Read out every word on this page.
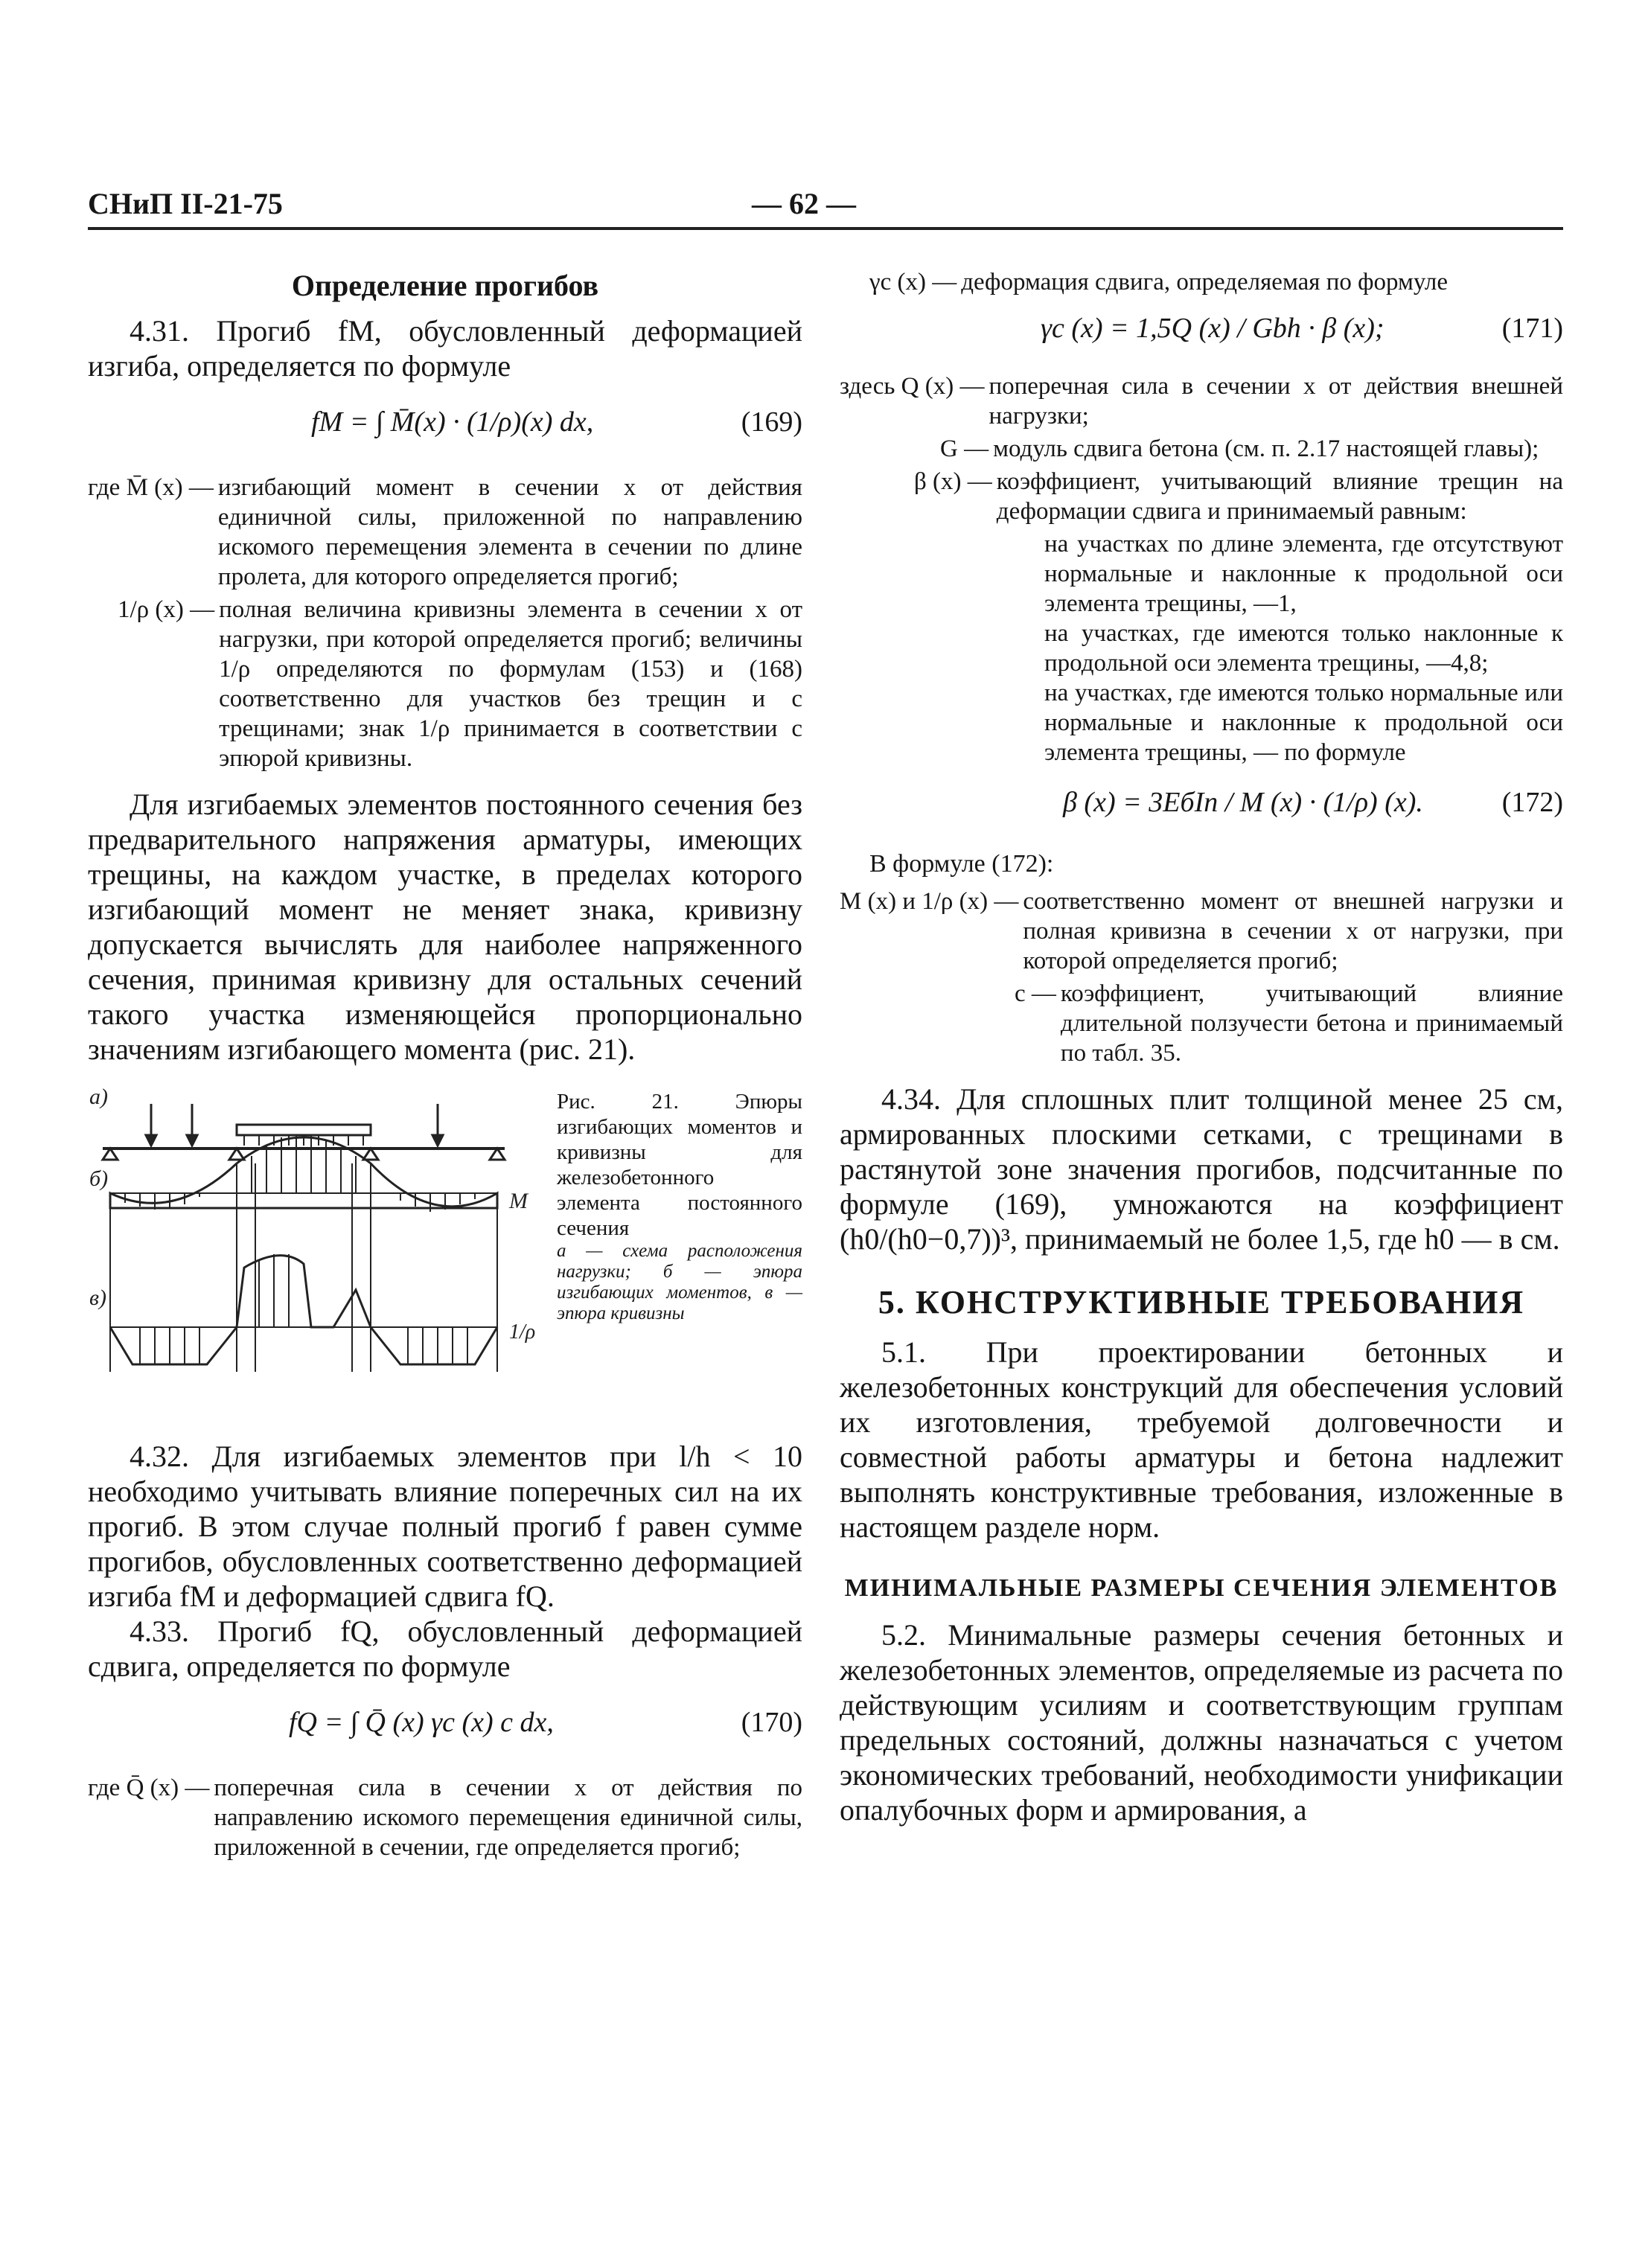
СНиП II-21-75	— 62 —
Определение прогибов

4.31. Прогиб fM, обусловленный деформацией изгиба, определяется по формуле

fM = ∫ M̄(x) · (1/ρ)(x) dx,	(169)
где M̄ (x) — изгибающий момент в сечении x от действия единичной силы, приложенной по направлению искомого перемещения элемента в сечении по длине пролета, для которого определяется прогиб;
1/ρ (x) — полная величина кривизны элемента в сечении x от нагрузки, при которой определяется прогиб; величины 1/ρ определяются по формулам (153) и (168) соответственно для участков без трещин и с трещинами; знак 1/ρ принимается в соответствии с эпюрой кривизны.

Для изгибаемых элементов постоянного сечения без предварительного напряжения арматуры, имеющих трещины, на каждом участке, в пределах которого изгибающий момент не меняет знака, кривизну допускается вычислять для наиболее напряженного сечения, принимая кривизну для остальных сечений такого участка изменяющейся пропорционально значениям изгибающего момента (рис. 21).

а)
б)
в)
M
1/ρ
Рис. 21. Эпюры изгибающих моментов и кривизны для железобетонного элемента постоянного сечения
а — схема расположения нагрузки; б — эпюра изгибающих моментов, в — эпюра кривизны

4.32. Для изгибаемых элементов при l/h < 10 необходимо учитывать влияние поперечных сил на их прогиб. В этом случае полный прогиб f равен сумме прогибов, обусловленных соответственно деформацией изгиба fM и деформацией сдвига fQ.

4.33. Прогиб fQ, обусловленный деформацией сдвига, определяется по формуле

fQ = ∫ Q̄ (x) γc (x) c dx,	(170)
где Q̄ (x) — поперечная сила в сечении x от действия по направлению искомого перемещения единичной силы, приложенной в сечении, где определяется прогиб;
γc (x) — деформация сдвига, определяемая по формуле
γc (x) = 1,5Q (x) / Gbh · β (x);	(171)
здесь Q (x) — поперечная сила в сечении x от действия внешней нагрузки;
G — модуль сдвига бетона (см. п. 2.17 настоящей главы);
β (x) — коэффициент, учитывающий влияние трещин на деформации сдвига и принимаемый равным:
на участках по длине элемента, где отсутствуют нормальные и наклонные к продольной оси элемента трещины, —1,
на участках, где имеются только наклонные к продольной оси элемента трещины, —4,8;
на участках, где имеются только нормальные или нормальные и наклонные к продольной оси элемента трещины, — по формуле
β (x) = 3EбIп / M (x) · (1/ρ) (x).	(172)
В формуле (172):
M (x) и 1/ρ (x) — соответственно момент от внешней нагрузки и полная кривизна в сечении x от нагрузки, при которой определяется прогиб;
c — коэффициент, учитывающий влияние длительной ползучести бетона и принимаемый по табл. 35.

4.34. Для сплошных плит толщиной менее 25 см, армированных плоскими сетками, с трещинами в растянутой зоне значения прогибов, подсчитанные по формуле (169), умножаются на коэффициент (h0/(h0−0,7))³, принимаемый не более 1,5, где h0 — в см.

5. КОНСТРУКТИВНЫЕ ТРЕБОВАНИЯ

5.1. При проектировании бетонных и железобетонных конструкций для обеспечения условий их изготовления, требуемой долговечности и совместной работы арматуры и бетона надлежит выполнять конструктивные требования, изложенные в настоящем разделе норм.

МИНИМАЛЬНЫЕ РАЗМЕРЫ СЕЧЕНИЯ ЭЛЕМЕНТОВ

5.2. Минимальные размеры сечения бетонных и железобетонных элементов, определяемые из расчета по действующим усилиям и соответствующим группам предельных состояний, должны назначаться с учетом экономических требований, необходимости унификации опалубочных форм и армирования, а
